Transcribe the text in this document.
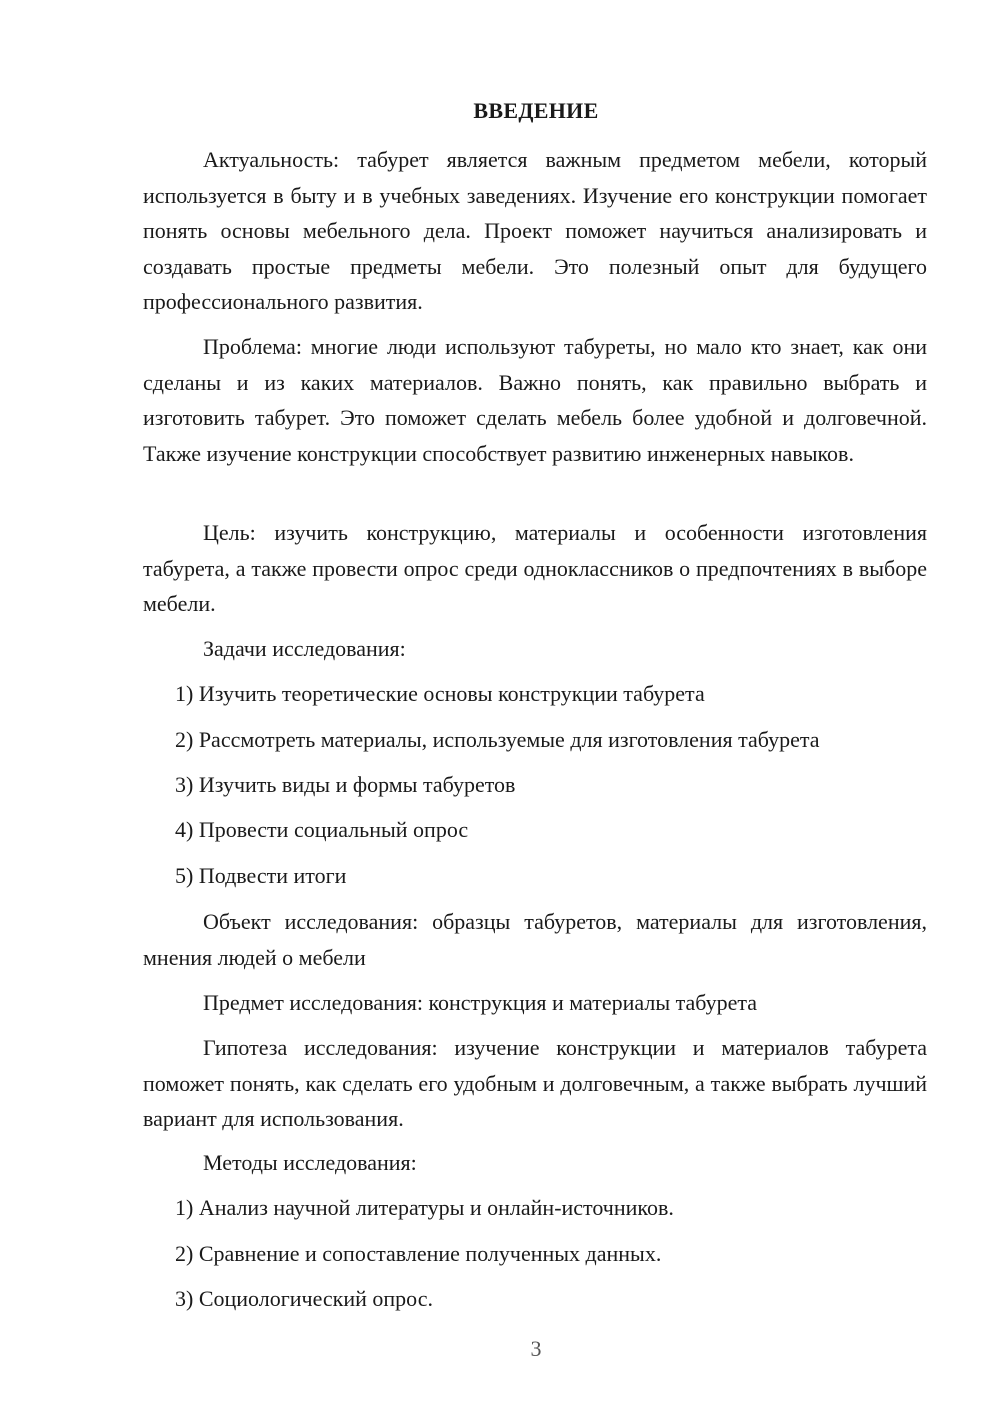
ВВЕДЕНИЕ

Актуальность: табурет является важным предметом мебели, который используется в быту и в учебных заведениях. Изучение его конструкции помогает понять основы мебельного дела. Проект поможет научиться анализировать и создавать простые предметы мебели. Это полезный опыт для будущего профессионального развития.

Проблема: многие люди используют табуреты, но мало кто знает, как они сделаны и из каких материалов. Важно понять, как правильно выбрать и изготовить табурет. Это поможет сделать мебель более удобной и долговечной. Также изучение конструкции способствует развитию инженерных навыков.

Цель: изучить конструкцию, материалы и особенности изготовления табурета, а также провести опрос среди одноклассников о предпочтениях в выборе мебели.

Задачи исследования:

1) Изучить теоретические основы конструкции табурета

2) Рассмотреть материалы, используемые для изготовления табурета

3) Изучить виды и формы табуретов

4) Провести социальный опрос

5) Подвести итоги

Объект исследования: образцы табуретов, материалы для изготовления, мнения людей о мебели

Предмет исследования: конструкция и материалы табурета

Гипотеза исследования: изучение конструкции и материалов табурета поможет понять, как сделать его удобным и долговечным, а также выбрать лучший вариант для использования.

Методы исследования:

1) Анализ научной литературы и онлайн-источников.

2) Сравнение и сопоставление полученных данных.

3) Социологический опрос.

3
